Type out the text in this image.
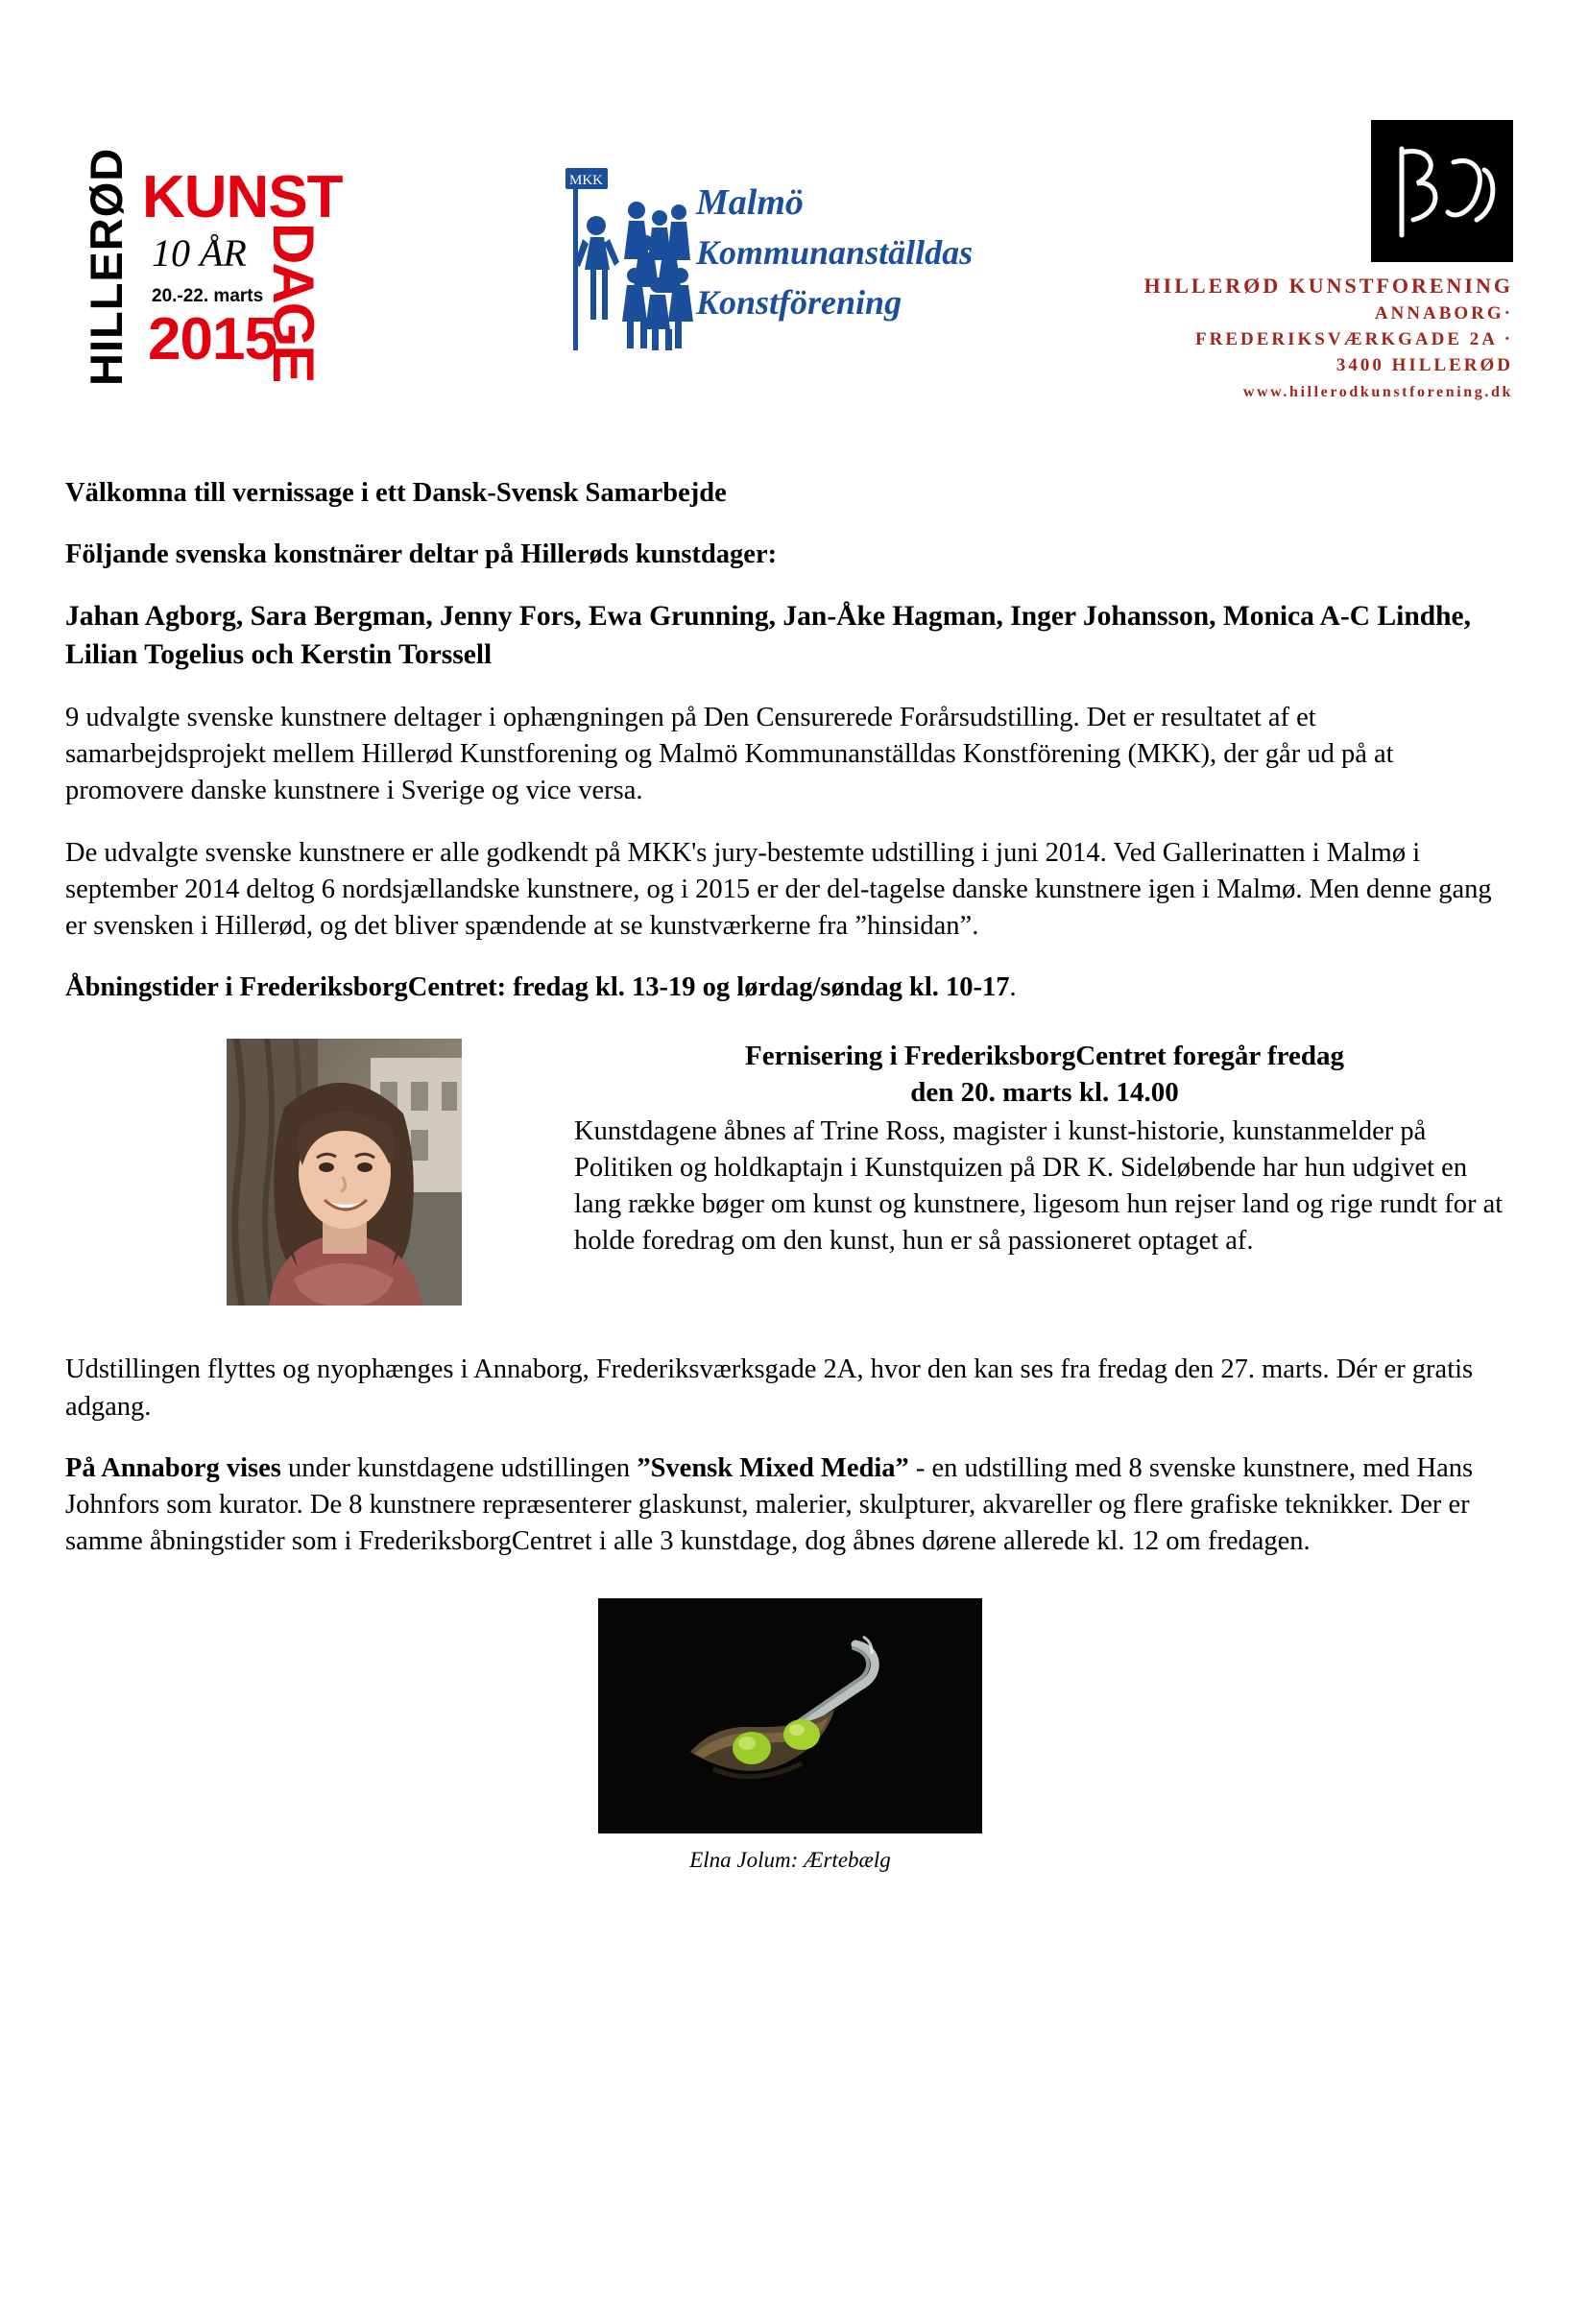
HILLERØD KUNST
10 ÅR DAGE
20.-22. marts
2015
MKK
Malmö
Kommunanställdas
Konstförening	HILLERØD KUNSTFORENING
ANNABORG·
FREDERIKSVÆRKGADE 2A ·
3400 HILLERØD
www.hillerodkunstforening.dk

Välkomna till vernissage i ett Dansk-Svensk Samarbejde

Följande svenska konstnärer deltar på Hillerøds kunstdager:

Jahan Agborg, Sara Bergman, Jenny Fors, Ewa Grunning, Jan-Åke Hagman, Inger Johansson, Monica A-C Lindhe, Lilian Togelius och Kerstin Torssell

9 udvalgte svenske kunstnere deltager i ophængningen på Den Censurerede Forårsudstilling. Det er resultatet af et samarbejdsprojekt mellem Hillerød Kunstforening og Malmö Kommunanställdas Konstförening (MKK), der går ud på at promovere danske kunstnere i Sverige og vice versa.

De udvalgte svenske kunstnere er alle godkendt på MKK's jury-bestemte udstilling i juni 2014. Ved Gallerinatten i Malmø i september 2014 deltog 6 nordsjællandske kunstnere, og i 2015 er der del-tagelse danske kunstnere igen i Malmø. Men denne gang er svensken i Hillerød, og det bliver spændende at se kunstværkerne fra ”hinsidan”.

Åbningstider i FrederiksborgCentret: fredag kl. 13-19 og lørdag/søndag kl. 10-17.

Fernisering i FrederiksborgCentret foregår fredag
den 20. marts kl. 14.00
Kunstdagene åbnes af Trine Ross, magister i kunst-historie, kunstanmelder på Politiken og holdkaptajn i Kunstquizen på DR K. Sideløbende har hun udgivet en lang række bøger om kunst og kunstnere, ligesom hun rejser land og rige rundt for at holde foredrag om den kunst, hun er så passioneret optaget af.

Udstillingen flyttes og nyophænges i Annaborg, Frederiksværksgade 2A, hvor den kan ses fra fredag den 27. marts. Dér er gratis adgang.

På Annaborg vises under kunstdagene udstillingen ”Svensk Mixed Media” - en udstilling med 8 svenske kunstnere, med Hans Johnfors som kurator. De 8 kunstnere repræsenterer glaskunst, malerier, skulpturer, akvareller og flere grafiske teknikker. Der er samme åbningstider som i FrederiksborgCentret i alle 3 kunstdage, dog åbnes dørene allerede kl. 12 om fredagen.

Elna Jolum: Ærtebælg
